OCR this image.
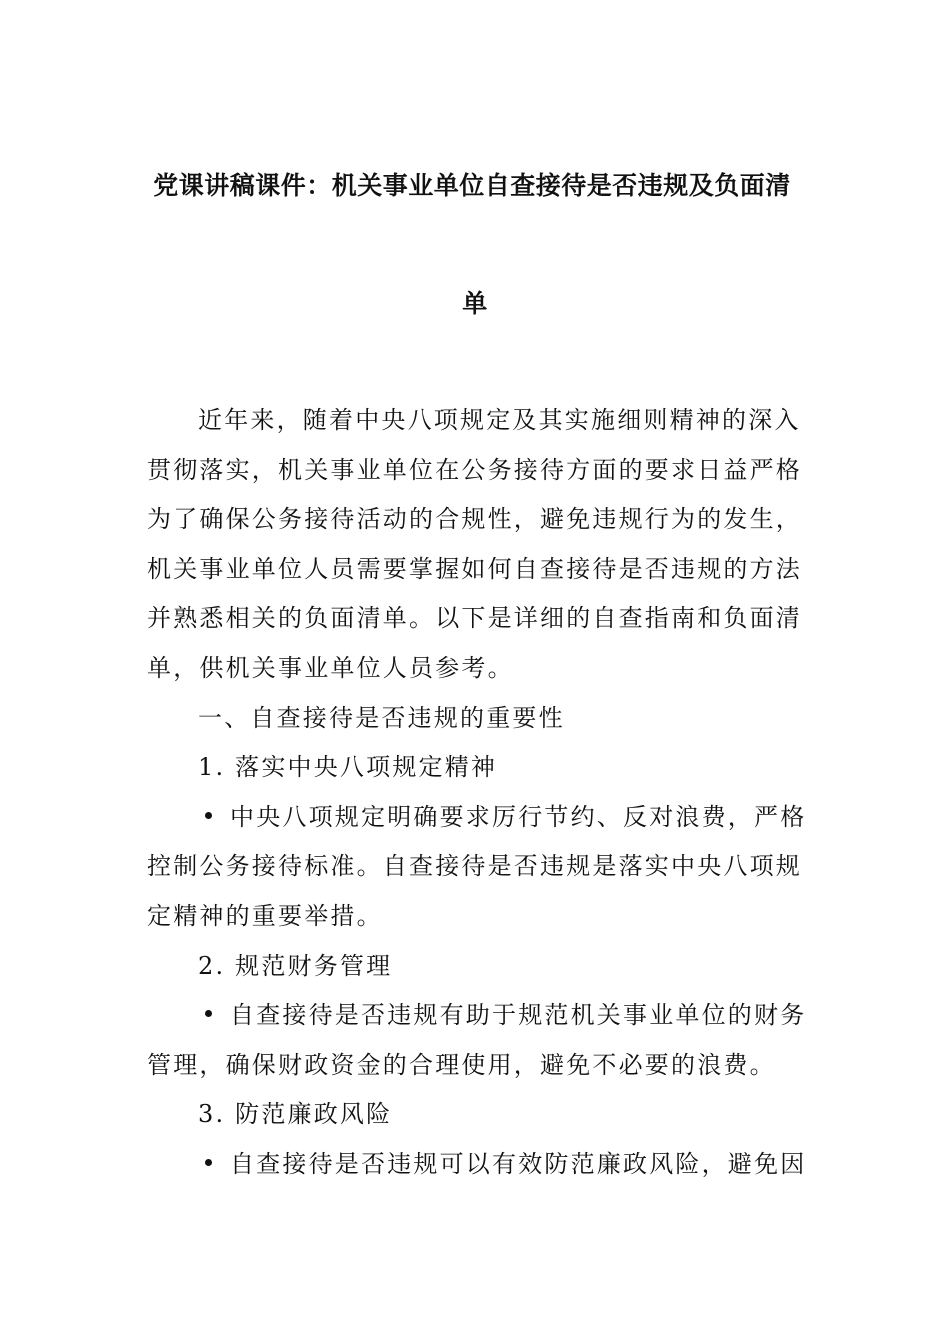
党课讲稿课件：机关事业单位自查接待是否违规及负面清
单
近年来，随着中央八项规定及其实施细则精神的深入
贯彻落实，机关事业单位在公务接待方面的要求日益严格
为了确保公务接待活动的合规性，避免违规行为的发生，
机关事业单位人员需要掌握如何自查接待是否违规的方法
并熟悉相关的负面清单。以下是详细的自查指南和负面清
单，供机关事业单位人员参考。
一、自查接待是否违规的重要性
1. 落实中央八项规定精神
中央八项规定明确要求厉行节约、反对浪费，严格
控制公务接待标准。自查接待是否违规是落实中央八项规
定精神的重要举措。
2. 规范财务管理
自查接待是否违规有助于规范机关事业单位的财务
管理，确保财政资金的合理使用，避免不必要的浪费。
3. 防范廉政风险
自查接待是否违规可以有效防范廉政风险，避免因
